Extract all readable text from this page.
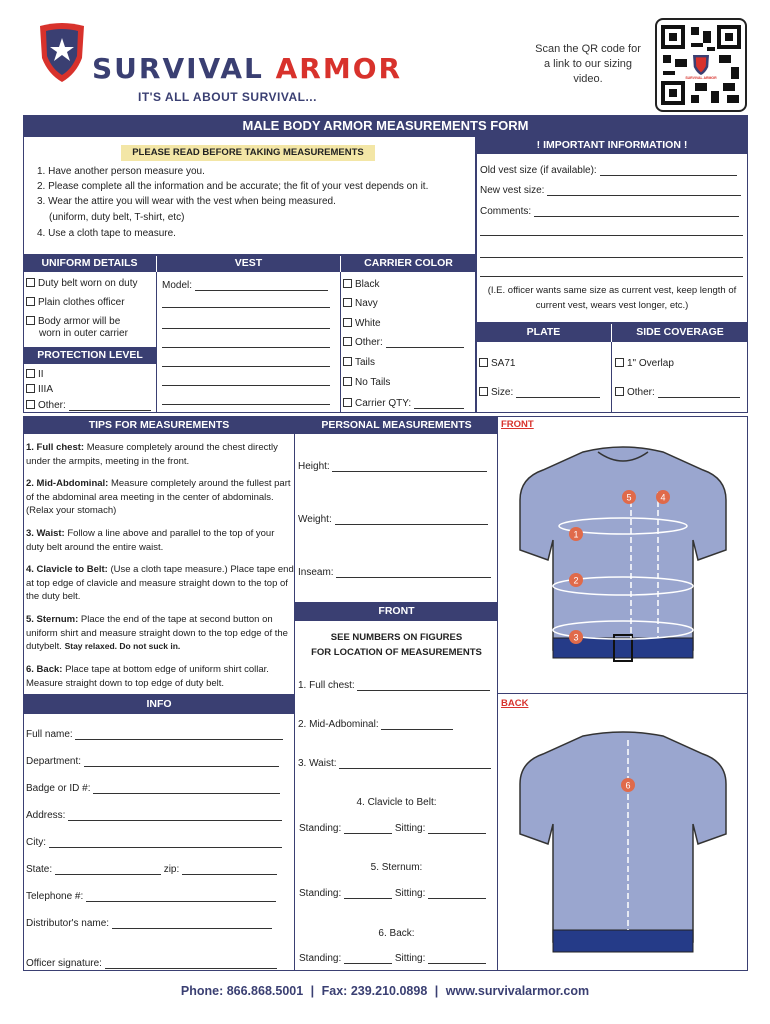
SURVIVAL ARMOR
IT'S ALL ABOUT SURVIVAL...
Scan the QR code for a link to our sizing video.	SURVIVAL ARMOR
MALE BODY ARMOR MEASUREMENTS FORM
PLEASE READ BEFORE TAKING MEASUREMENTS
1. Have another person measure you.
2. Please complete all the information and be accurate; the fit of your vest depends on it.
3. Wear the attire you will wear with the vest when being measured.
(uniform, duty belt, T-shirt, etc)
4. Use a cloth tape to measure.
! IMPORTANT INFORMATION !
Old vest size (if available):
New vest size:
Comments:
(I.E. officer wants same size as current vest, keep length of current vest, wears vest longer, etc.)
UNIFORM DETAILS	VEST	CARRIER COLOR
Duty belt worn on duty
Plain clothes officer
Body armor will be
worn in outer carrier
PROTECTION LEVEL
II
IIIA
Other:
Model:	Black
Navy
White
Other:
Tails
No Tails
Carrier QTY:
PLATE	SIDE COVERAGE
SA71
Size:
1" Overlap
Other:
TIPS FOR MEASUREMENTS
1. Full chest: Measure completely around the chest directly under the armpits, meeting in the front.
2. Mid-Abdominal: Measure completely around the fullest part of the abdominal area meeting in the center of abdominals. (Relax your stomach)
3. Waist: Follow a line above and parallel to the top of your duty belt around the entire waist.
4. Clavicle to Belt: (Use a cloth tape measure.) Place tape end at top edge of clavicle and measure straight down to the top of the duty belt.
5. Sternum: Place the end of the tape at second button on uniform shirt and measure straight down to the top edge of the dutybelt. Stay relaxed. Do not suck in.
6. Back: Place tape at bottom edge of uniform shirt collar. Measure straight down to top edge of duty belt.
PERSONAL MEASUREMENTS
Height:
Weight:
Inseam:
FRONT
SEE NUMBERS ON FIGURES
FOR LOCATION OF MEASUREMENTS
1. Full chest:
2. Mid-Adbominal:
3. Waist:
4. Clavicle to Belt:
Standing:	Sitting:
5. Sternum:
Standing:	Sitting:
6. Back:
Standing:	Sitting:
INFO
Full name:
Department:
Badge or ID #:
Address:
City:
State:	zip:
Telephone #:
Distributor's name:
Officer signature:
FRONT
1
2
3
4
5
BACK
6
Phone: 866.868.5001 | Fax: 239.210.0898 | www.survivalarmor.com
